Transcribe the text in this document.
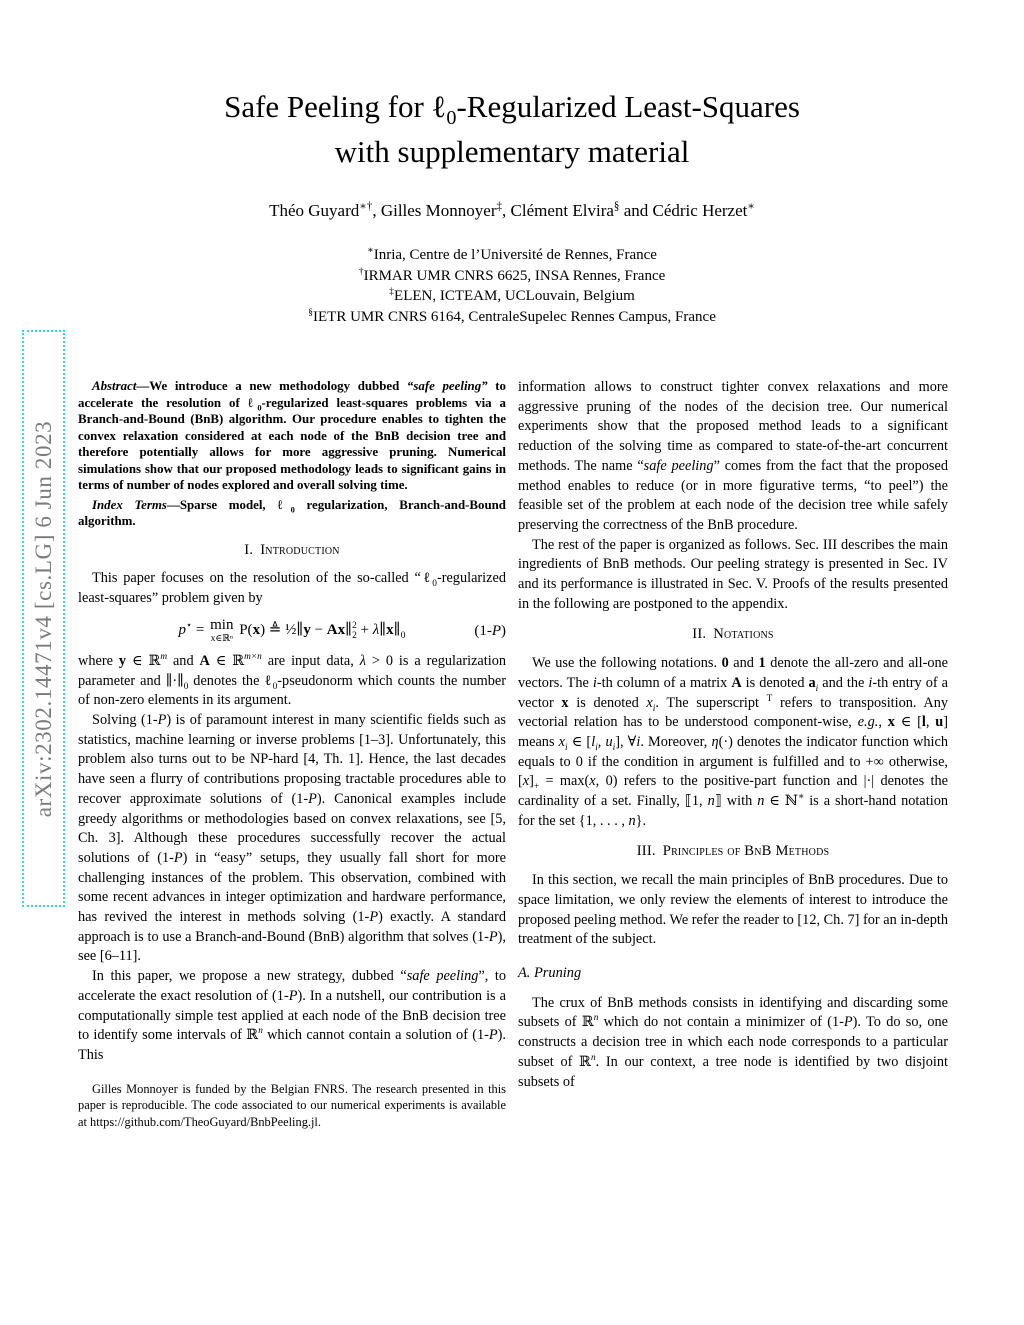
arXiv:2302.14471v4 [cs.LG] 6 Jun 2023
Safe Peeling for ℓ$_0$-Regularized Least-Squares
with supplementary material
Théo Guyard∗†, Gilles Monnoyer‡, Clément Elvira§ and Cédric Herzet∗
∗Inria, Centre de l’Université de Rennes, France
†IRMAR UMR CNRS 6625, INSA Rennes, France
‡ELEN, ICTEAM, UCLouvain, Belgium
§IETR UMR CNRS 6164, CentraleSupelec Rennes Campus, France

Abstract—We introduce a new methodology dubbed “safe peeling” to accelerate the resolution of ℓ$_0$-regularized least-squares problems via a Branch-and-Bound (BnB) algorithm. Our procedure enables to tighten the convex relaxation considered at each node of the BnB decision tree and therefore potentially allows for more aggressive pruning. Numerical simulations show that our proposed methodology leads to significant gains in terms of number of nodes explored and overall solving time.

Index Terms—Sparse model, ℓ$_0$ regularization, Branch-and-Bound algorithm.

I. Introduction

This paper focuses on the resolution of the so-called “ℓ$_0$-regularized least-squares” problem given by

p⋆ = min
x∈ℝⁿ
P(x) ≜ ½∥y − Ax∥ 2
$2 + \lambda\parallel x\parallel_0$	(1-P)

where y ∈ ℝ$^m$ and A ∈ ℝ$^{m\times n}$ are input data, λ > 0 is a regularization parameter and $\parallel\cdot\parallel_0$ denotes the ℓ$_0$-pseudonorm which counts the number of non-zero elements in its argument.

Solving (1-P) is of paramount interest in many scientific fields such as statistics, machine learning or inverse problems [1–3]. Unfortunately, this problem also turns out to be NP-hard [4, Th. 1]. Hence, the last decades have seen a flurry of contributions proposing tractable procedures able to recover approximate solutions of (1-P). Canonical examples include greedy algorithms or methodologies based on convex relaxations, see [5, Ch. 3]. Although these procedures successfully recover the actual solutions of (1-P) in “easy” setups, they usually fall short for more challenging instances of the problem. This observation, combined with some recent advances in integer optimization and hardware performance, has revived the interest in methods solving (1-P) exactly. A standard approach is to use a Branch-and-Bound (BnB) algorithm that solves (1-P), see [6–11].

In this paper, we propose a new strategy, dubbed “safe peeling”, to accelerate the exact resolution of (1-P). In a nutshell, our contribution is a computationally simple test applied at each node of the BnB decision tree to identify some intervals of ℝ$^n$ which cannot contain a solution of (1-P). This

Gilles Monnoyer is funded by the Belgian FNRS. The research presented in this paper is reproducible. The code associated to our numerical experiments is available at https://github.com/TheoGuyard/BnbPeeling.jl.

information allows to construct tighter convex relaxations and more aggressive pruning of the nodes of the decision tree. Our numerical experiments show that the proposed method leads to a significant reduction of the solving time as compared to state-of-the-art concurrent methods. The name “safe peeling” comes from the fact that the proposed method enables to reduce (or in more figurative terms, “to peel”) the feasible set of the problem at each node of the decision tree while safely preserving the correctness of the BnB procedure.

The rest of the paper is organized as follows. Sec. III describes the main ingredients of BnB methods. Our peeling strategy is presented in Sec. IV and its performance is illustrated in Sec. V. Proofs of the results presented in the following are postponed to the appendix.

II. Notations

We use the following notations. 0 and 1 denote the all-zero and all-one vectors. The i-th column of a matrix A is denoted $a_i$ and the i-th entry of a vector x is denoted $x_i$. The superscript $^T$ refers to transposition. Any vectorial relation has to be understood component-wise, e.g., x ∈ [l, u] means $x_i$ ∈ [$l_i$, $u_i$], ∀i. Moreover, η(·) denotes the indicator function which equals to 0 if the condition in argument is fulfilled and to +∞ otherwise, $[x]_+ = \max(x$, 0) refers to the positive-part function and |·| denotes the cardinality of a set. Finally, ⟦1, n⟧ with n ∈ ℕ∗ is a short-hand notation for the set {1, . . . , n}.

III. Principles of BnB Methods

In this section, we recall the main principles of BnB procedures. Due to space limitation, we only review the elements of interest to introduce the proposed peeling method. We refer the reader to [12, Ch. 7] for an in-depth treatment of the subject.

A. Pruning

The crux of BnB methods consists in identifying and discarding some subsets of ℝ$^n$ which do not contain a minimizer of (1-P). To do so, one constructs a decision tree in which each node corresponds to a particular subset of ℝ$^n$. In our context, a tree node is identified by two disjoint subsets of
